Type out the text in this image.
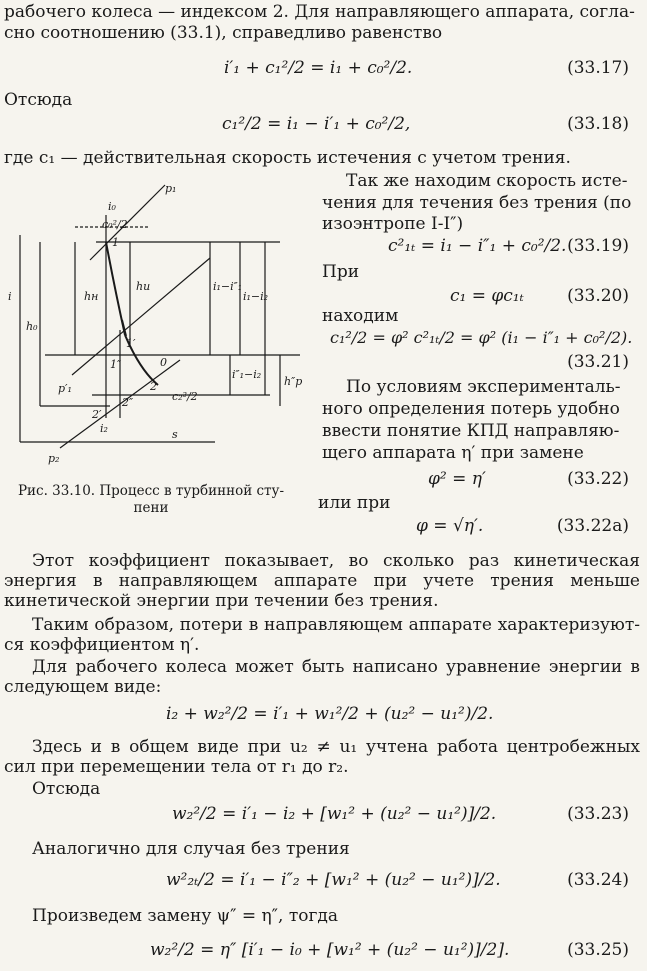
рабочего колеса — индексом 2. Для направляющего аппарата, согла-
сно соотношению (33.1), справедливо равенство
i′₁ + c₁²/2 = i₁ + c₀²/2.	(33.17)
Отсюда
c₁²/2 = i₁ − i′₁ + c₀²/2,	(33.18)
где c₁ — действительная скорость истечения с учетом трения.
Так же находим скорость исте-
чения для течения без трения (по
изоэнтропе I-I″)
c²₁ₜ = i₁ − i″₁ + c₀²/2. (33.19)
При
c₁ = φc₁ₜ	(33.20)
находим
c₁²/2 = φ² c²₁ₜ/2 = φ² (i₁ − i″₁ + c₀²/2).
(33.21)
По условиям эксперименталь-
ного определения потерь удобно
ввести понятие КПД направляю-
щего аппарата η′ при замене
φ² = η′	(33.22)
или при
φ = √η′.	(33.22а)
p₁
p′₁
p₂
1
1′
1″
2
2′
2″
c₀²/2
c₂²/2
i₀
i₂	s
hн
h₀
hu
h″p
i
i₁−i″₁
i₁−i₂
i″₁−i₂
0
Рис. 33.10. Процесс в турбинной сту-пени
Этот коэффициент показывает, во сколько раз кинетическая энергия в направляющем аппарате при учете трения меньше кинетической энергии при течении без трения.
Таким образом, потери в направляющем аппарате характеризуют-ся коэффициентом η′.
Для рабочего колеса может быть написано уравнение энергии в следующем виде:
i₂ + w₂²/2 = i′₁ + w₁²/2 + (u₂² − u₁²)/2.
Здесь и в общем виде при u₂ ≠ u₁ учтена работа центробежных сил при перемещении тела от r₁ до r₂.
Отсюда
w₂²/2 = i′₁ − i₂ + [w₁² + (u₂² − u₁²)]/2.	(33.23)
Аналогично для случая без трения
w²₂ₜ/2 = i′₁ − i″₂ + [w₁² + (u₂² − u₁²)]/2.	(33.24)
Произведем замену ψ″ = η″, тогда
w₂²/2 = η″ [i′₁ − i₀ + [w₁² + (u₂² − u₁²)]/2].	(33.25)
